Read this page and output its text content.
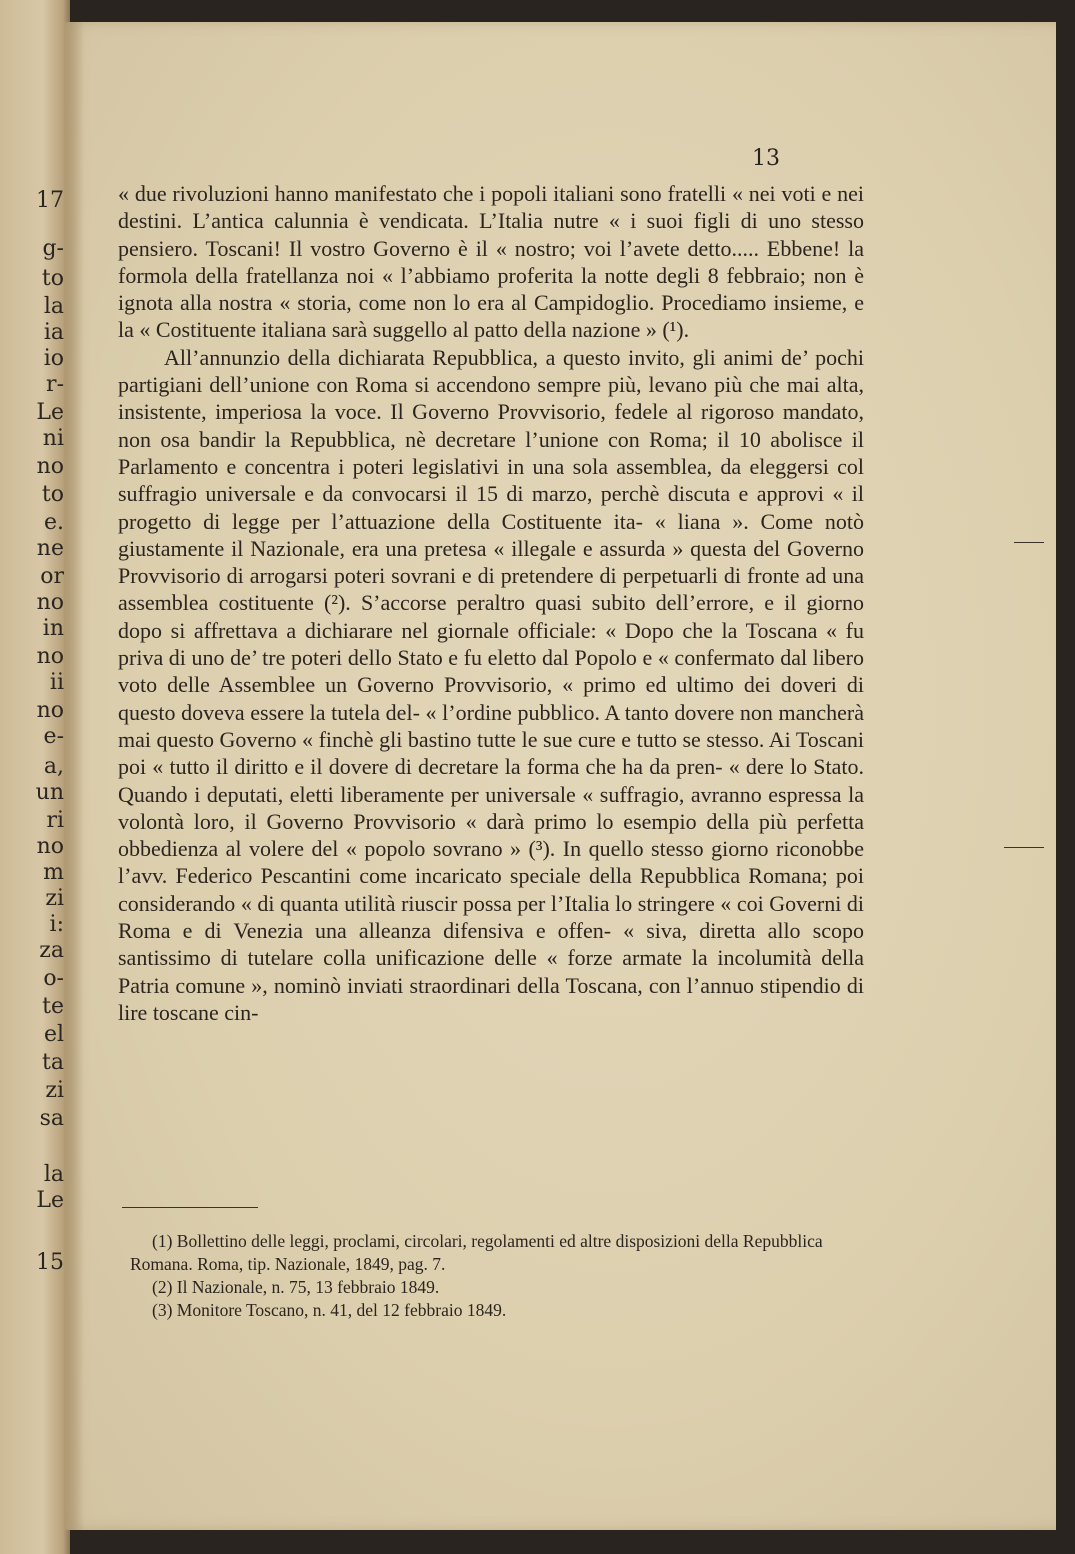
17
g-
to
la
ia
io
r-
Le
ni
no
to
e.
ne
or
no
in
no
ii
no
e-
a,
un
ri
no
m
zi
i:
za
o-
te
el
ta
zi
sa
la
Le
15
13

« due rivoluzioni hanno manifestato che i popoli italiani sono fratelli « nei voti e nei destini. L’antica calunnia è vendicata. L’Italia nutre « i suoi figli di uno stesso pensiero. Toscani! Il vostro Governo è il « nostro; voi l’avete detto..... Ebbene! la formola della fratellanza noi « l’abbiamo proferita la notte degli 8 febbraio; non è ignota alla nostra « storia, come non lo era al Campidoglio. Procediamo insieme, e la « Costituente italiana sarà suggello al patto della nazione » (¹).

All’annunzio della dichiarata Repubblica, a questo invito, gli animi de’ pochi partigiani dell’unione con Roma si accendono sempre più, levano più che mai alta, insistente, imperiosa la voce. Il Governo Provvisorio, fedele al rigoroso mandato, non osa bandir la Repubblica, nè decretare l’unione con Roma; il 10 abolisce il Parlamento e concentra i poteri legislativi in una sola assemblea, da eleggersi col suffragio universale e da convocarsi il 15 di marzo, perchè discuta e approvi « il progetto di legge per l’attuazione della Costituente ita- « liana ». Come notò giustamente il Nazionale, era una pretesa « illegale e assurda » questa del Governo Provvisorio di arrogarsi poteri sovrani e di pretendere di perpetuarli di fronte ad una assemblea costituente (²). S’accorse peraltro quasi subito dell’errore, e il giorno dopo si affrettava a dichiarare nel giornale officiale: « Dopo che la Toscana « fu priva di uno de’ tre poteri dello Stato e fu eletto dal Popolo e « confermato dal libero voto delle Assemblee un Governo Provvisorio, « primo ed ultimo dei doveri di questo doveva essere la tutela del- « l’ordine pubblico. A tanto dovere non mancherà mai questo Governo « finchè gli bastino tutte le sue cure e tutto se stesso. Ai Toscani poi « tutto il diritto e il dovere di decretare la forma che ha da pren- « dere lo Stato. Quando i deputati, eletti liberamente per universale « suffragio, avranno espressa la volontà loro, il Governo Provvisorio « darà primo lo esempio della più perfetta obbedienza al volere del « popolo sovrano » (³). In quello stesso giorno riconobbe l’avv. Federico Pescantini come incaricato speciale della Repubblica Romana; poi considerando « di quanta utilità riuscir possa per l’Italia lo stringere « coi Governi di Roma e di Venezia una alleanza difensiva e offen- « siva, diretta allo scopo santissimo di tutelare colla unificazione delle « forze armate la incolumità della Patria comune », nominò inviati straordinari della Toscana, con l’annuo stipendio di lire toscane cin-

(1) Bollettino delle leggi, proclami, circolari, regolamenti ed altre disposizioni della Repubblica Romana. Roma, tip. Nazionale, 1849, pag. 7.

(2) Il Nazionale, n. 75, 13 febbraio 1849.

(3) Monitore Toscano, n. 41, del 12 febbraio 1849.
